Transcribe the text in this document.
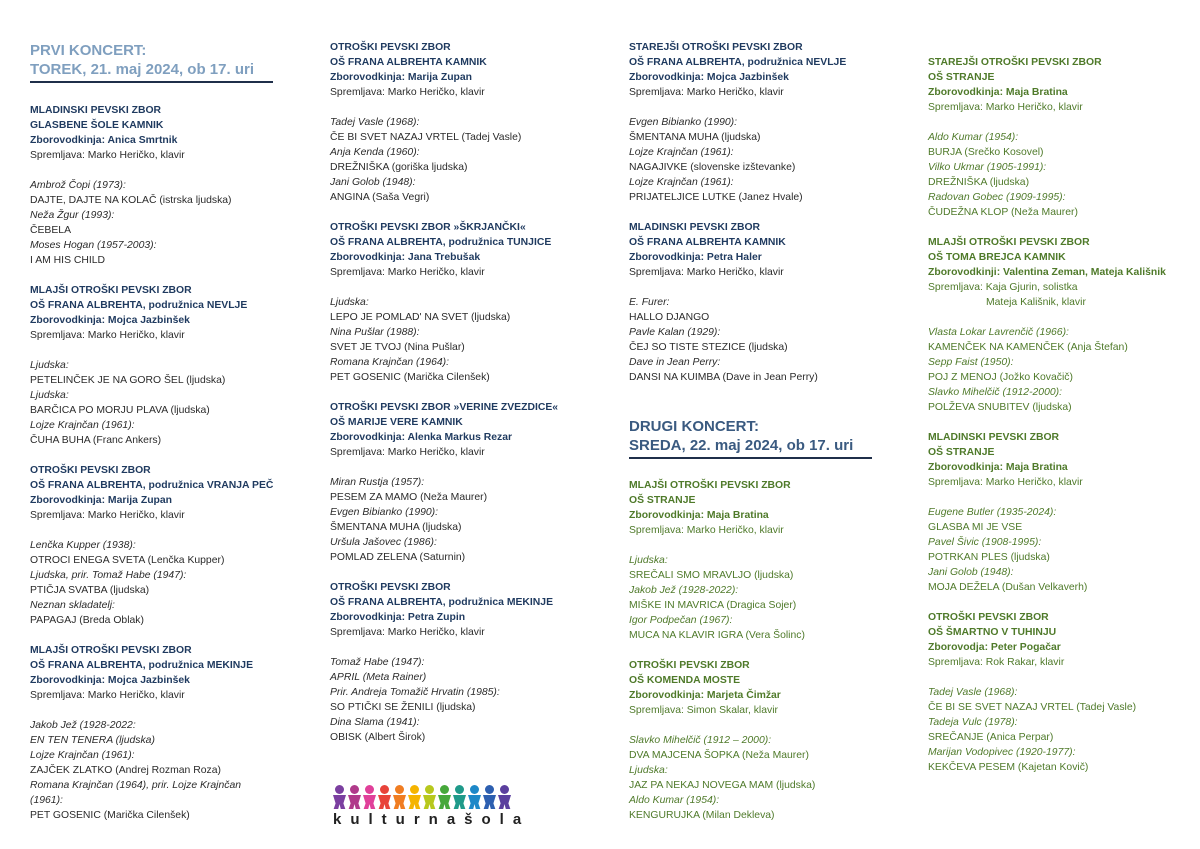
PRVI KONCERT:
TOREK, 21. maj 2024, ob 17. uri
MLADINSKI PEVSKI ZBOR
GLASBENE ŠOLE KAMNIK
Zborovodkinja: Anica Smrtnik
Spremljava: Marko Heričko, klavir
Ambrož Čopi (1973):
DAJTE, DAJTE NA KOLAČ (istrska ljudska)
Neža Žgur (1993):
ČEBELA
Moses Hogan (1957-2003):
I AM HIS CHILD
MLAJŠI OTROŠKI PEVSKI ZBOR
OŠ FRANA ALBREHTA, podružnica NEVLJE
Zborovodkinja: Mojca Jazbinšek
Spremljava: Marko Heričko, klavir
Ljudska:
PETELINČEK JE NA GORO ŠEL (ljudska)
Ljudska:
BARČICA PO MORJU PLAVA (ljudska)
Lojze Krajnčan (1961):
ČUHA BUHA (Franc Ankers)
OTROŠKI PEVSKI ZBOR
OŠ FRANA ALBREHTA, podružnica VRANJA PEČ
Zborovodkinja: Marija Zupan
Spremljava: Marko Heričko, klavir
Lenčka Kupper (1938):
OTROCI ENEGA SVETA (Lenčka Kupper)
Ljudska, prir. Tomaž Habe (1947):
PTIČJA SVATBA (ljudska)
Neznan skladatelj:
PAPAGAJ (Breda Oblak)
MLAJŠI OTROŠKI PEVSKI ZBOR
OŠ FRANA ALBREHTA, podružnica MEKINJE
Zborovodkinja: Mojca Jazbinšek
Spremljava: Marko Heričko, klavir
Jakob Jež (1928-2022:
EN TEN TENERA (ljudska)
Lojze Krajnčan (1961):
ZAJČEK ZLATKO (Andrej Rozman Roza)
Romana Krajnčan (1964), prir. Lojze Krajnčan
(1961):
PET GOSENIC (Marička Cilenšek)
OTROŠKI PEVSKI ZBOR
OŠ FRANA ALBREHTA KAMNIK
Zborovodkinja: Marija Zupan
Spremljava: Marko Heričko, klavir
Tadej Vasle (1968):
ČE BI SVET NAZAJ VRTEL (Tadej Vasle)
Anja Kenda (1960):
DREŽNIŠKA (goriška ljudska)
Jani Golob (1948):
ANGINA (Saša Vegri)
OTROŠKI PEVSKI ZBOR »ŠKRJANČKI«
OŠ FRANA ALBREHTA, podružnica TUNJICE
Zborovodkinja: Jana Trebušak
Spremljava: Marko Heričko, klavir
Ljudska:
LEPO JE POMLAD' NA SVET (ljudska)
Nina Pušlar (1988):
SVET JE TVOJ (Nina Pušlar)
Romana Krajnčan (1964):
PET GOSENIC (Marička Cilenšek)
OTROŠKI PEVSKI ZBOR »VERINE ZVEZDICE«
OŠ MARIJE VERE KAMNIK
Zborovodkinja: Alenka Markus Rezar
Spremljava: Marko Heričko, klavir
Miran Rustja (1957):
PESEM ZA MAMO (Neža Maurer)
Evgen Bibianko (1990):
ŠMENTANA MUHA (ljudska)
Uršula Jašovec (1986):
POMLAD ZELENA (Saturnin)
OTROŠKI PEVSKI ZBOR
OŠ FRANA ALBREHTA, podružnica MEKINJE
Zborovodkinja: Petra Zupin
Spremljava: Marko Heričko, klavir
Tomaž Habe (1947):
APRIL (Meta Rainer)
Prir. Andreja Tomažič Hrvatin (1985):
SO PTIČKI SE ŽENILI (ljudska)
Dina Slama (1941):
OBISK (Albert Širok)
kulturnašola
STAREJŠI OTROŠKI PEVSKI ZBOR
OŠ FRANA ALBREHTA, podružnica NEVLJE
Zborovodkinja: Mojca Jazbinšek
Spremljava: Marko Heričko, klavir
Evgen Bibianko (1990):
ŠMENTANA MUHA (ljudska)
Lojze Krajnčan (1961):
NAGAJIVKE (slovenske izštevanke)
Lojze Krajnčan (1961):
PRIJATELJICE LUTKE (Janez Hvale)
MLADINSKI PEVSKI ZBOR
OŠ FRANA ALBREHTA KAMNIK
Zborovodkinja: Petra Haler
Spremljava: Marko Heričko, klavir
E. Furer:
HALLO DJANGO
Pavle Kalan (1929):
ČEJ SO TISTE STEZICE (ljudska)
Dave in Jean Perry:
DANSI NA KUIMBA (Dave in Jean Perry)
DRUGI KONCERT:
SREDA, 22. maj 2024, ob 17. uri
MLAJŠI OTROŠKI PEVSKI ZBOR
OŠ STRANJE
Zborovodkinja: Maja Bratina
Spremljava: Marko Heričko, klavir
Ljudska:
SREČALI SMO MRAVLJO (ljudska)
Jakob Jež (1928-2022):
MIŠKE IN MAVRICA (Dragica Sojer)
Igor Podpečan (1967):
MUCA NA KLAVIR IGRA (Vera Šolinc)
OTROŠKI PEVSKI ZBOR
OŠ KOMENDA MOSTE
Zborovodkinja: Marjeta Čimžar
Spremljava: Simon Skalar, klavir
Slavko Mihelčič (1912 – 2000):
DVA MAJCENA ŠOPKA (Neža Maurer)
Ljudska:
JAZ PA NEKAJ NOVEGA MAM (ljudska)
Aldo Kumar (1954):
KENGURUJKA (Milan Dekleva)
STAREJŠI OTROŠKI PEVSKI ZBOR
OŠ STRANJE
Zborovodkinja: Maja Bratina
Spremljava: Marko Heričko, klavir
Aldo Kumar (1954):
BURJA (Srečko Kosovel)
Vilko Ukmar (1905-1991):
DREŽNIŠKA (ljudska)
Radovan Gobec (1909-1995):
ČUDEŽNA KLOP (Neža Maurer)
MLAJŠI OTROŠKI PEVSKI ZBOR
OŠ TOMA BREJCA KAMNIK
Zborovodkinji: Valentina Zeman, Mateja Kališnik
Spremljava: Kaja Gjurin, solistka
Mateja Kališnik, klavir
Vlasta Lokar Lavrenčič (1966):
KAMENČEK NA KAMENČEK (Anja Štefan)
Sepp Faist (1950):
POJ Z MENOJ (Jožko Kovačič)
Slavko Mihelčič (1912-2000):
POLŽEVA SNUBITEV (ljudska)
MLADINSKI PEVSKI ZBOR
OŠ STRANJE
Zborovodkinja: Maja Bratina
Spremljava: Marko Heričko, klavir
Eugene Butler (1935-2024):
GLASBA MI JE VSE
Pavel Šivic (1908-1995):
POTRKAN PLES (ljudska)
Jani Golob (1948):
MOJA DEŽELA (Dušan Velkaverh)
OTROŠKI PEVSKI ZBOR
OŠ ŠMARTNO V TUHINJU
Zborovodja: Peter Pogačar
Spremljava: Rok Rakar, klavir
Tadej Vasle (1968):
ČE BI SE SVET NAZAJ VRTEL (Tadej Vasle)
Tadeja Vulc (1978):
SREČANJE (Anica Perpar)
Marijan Vodopivec (1920-1977):
KEKČEVA PESEM (Kajetan Kovič)
